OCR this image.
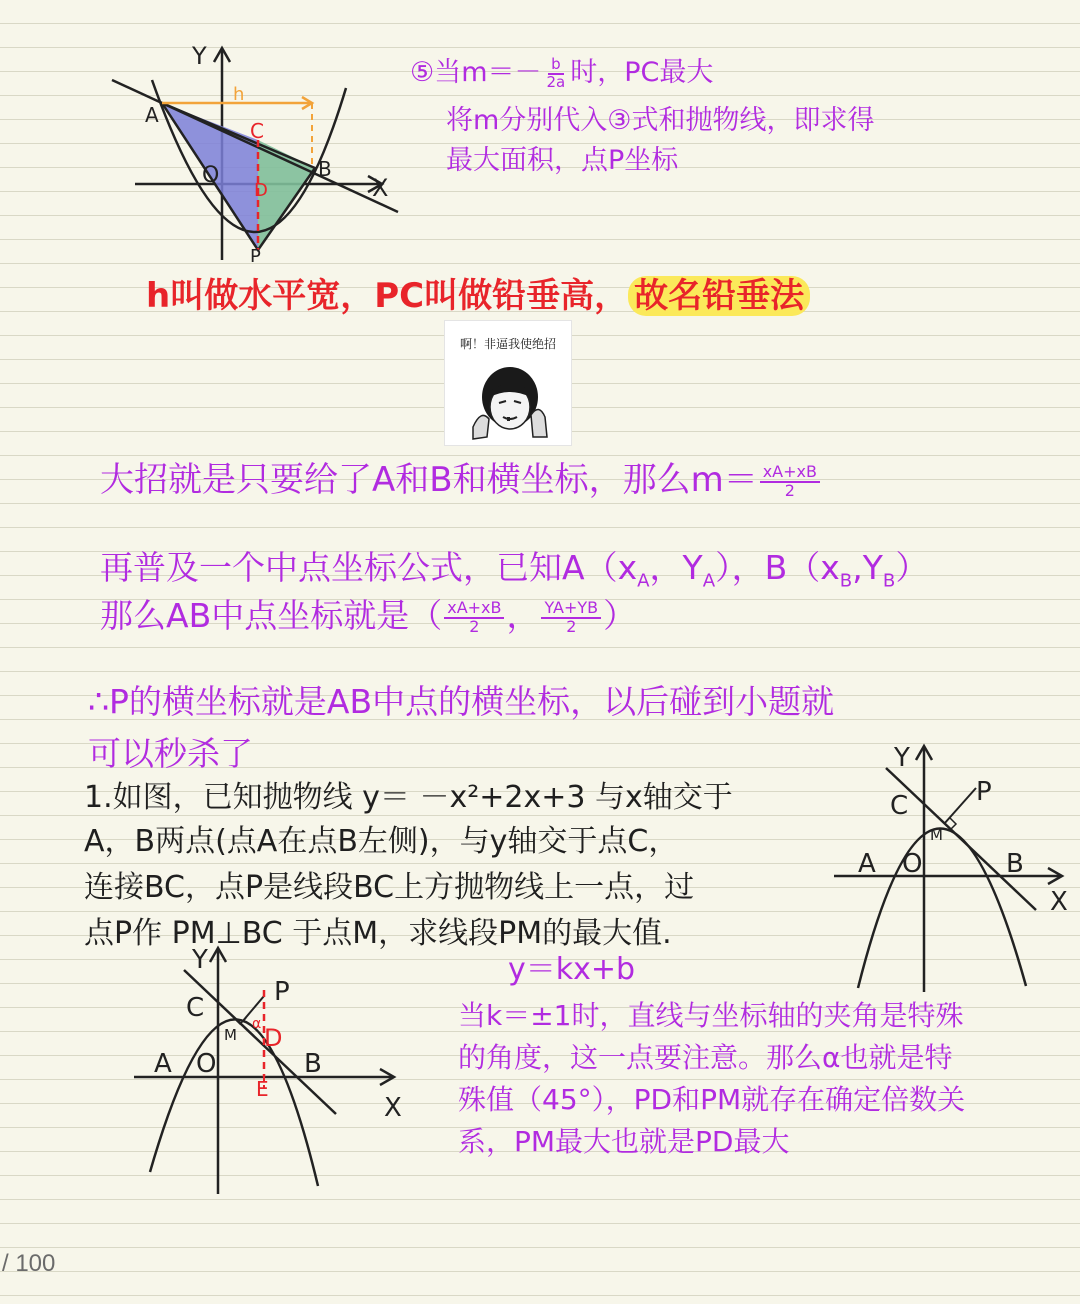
Y
X
O
A
B
C
D
P
h
⑤当$m=- \frac{b}{2a}$ 时，PC最大
将m分别代入③式和抛物线，即求得
最大面积，点P坐标
h叫做水平宽，PC叫做铅垂高， 故名铅垂法
啊！非逼我使绝招
大招就是只要给了A和B和横坐标，那么$m= \frac{xA+xB}{2}$
再普及一个中点坐标公式，已知$A(x_A$，$Y_A$），$B(x_B,Y_B)$
那么AB中点坐标就是（ $\frac{xA+xB}{2}$ ， $\frac{YA+YB}{2}$ ）
∴P的横坐标就是AB中点的横坐标，以后碰到小题就
可以秒杀了
1.如图，已知抛物线 y＝ －x²+2x+3 与x轴交于
A，B两点(点A在点B左侧)，与y轴交于点C，
连接BC，点P是线段BC上方抛物线上一点，过
点P作 PM⊥BC 于点M，求线段PM的最大值.
y＝kx+b
Y
X
O
A	B
C	P
M
Y
X
O
A	B
C
P
M D
E
α	当k＝±1时，直线与坐标轴的夹角是特殊
的角度，这一点要注意。那么α也就是特
殊值（45°），PD和PM就存在确定倍数关
系，PM最大也就是PD最大
/ 100
